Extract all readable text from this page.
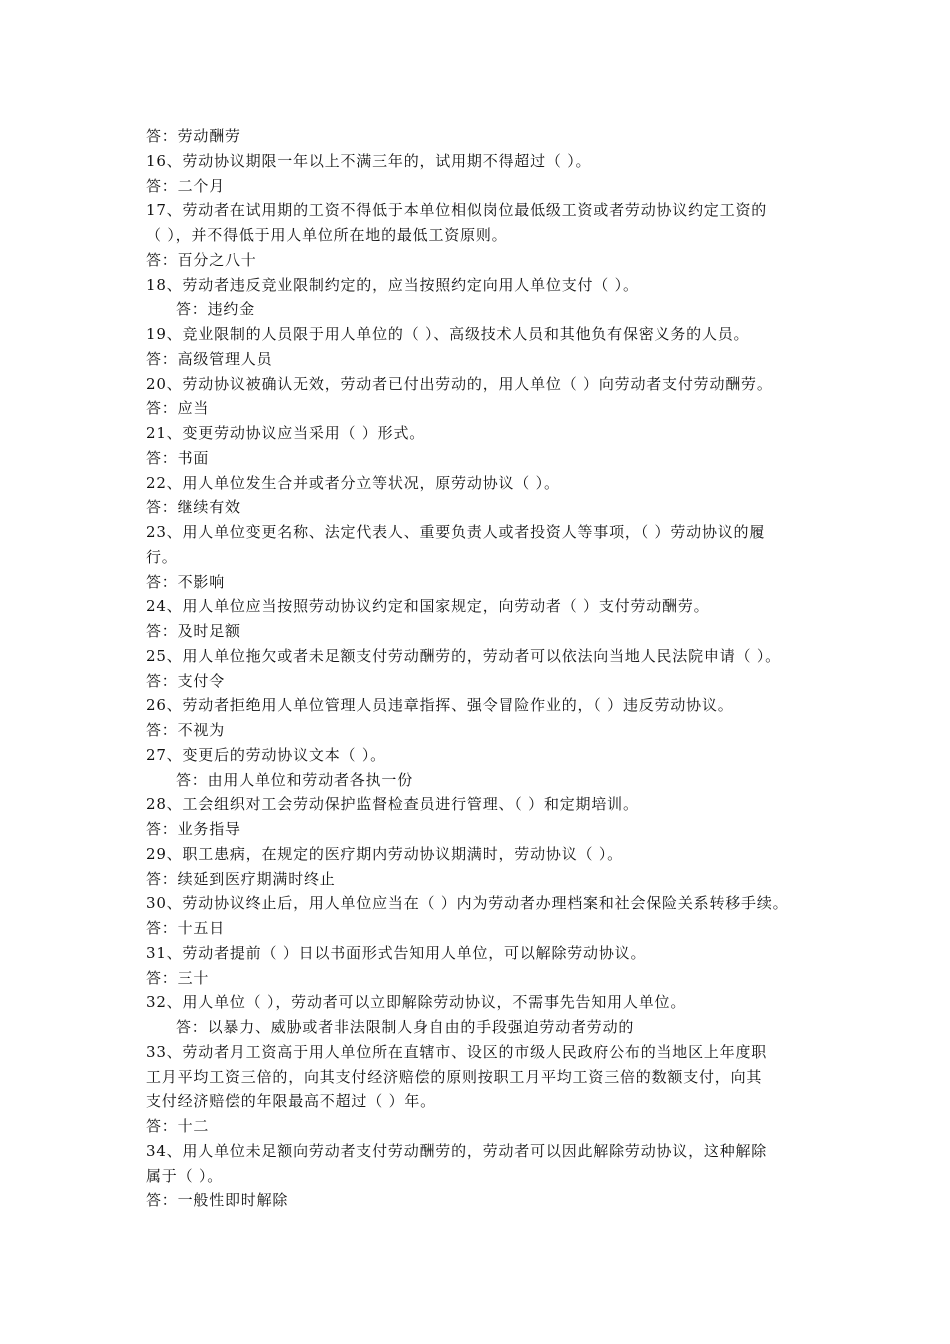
答：劳动酬劳
16、劳动协议期限一年以上不满三年的，试用期不得超过（ ）。
答：二个月
17、劳动者在试用期的工资不得低于本单位相似岗位最低级工资或者劳动协议约定工资的
（ ），并不得低于用人单位所在地的最低工资原则。
答：百分之八十
18、劳动者违反竞业限制约定的，应当按照约定向用人单位支付（ ）。
答：违约金
19、竞业限制的人员限于用人单位的（ ）、高级技术人员和其他负有保密义务的人员。
答：高级管理人员
20、劳动协议被确认无效，劳动者已付出劳动的，用人单位（ ）向劳动者支付劳动酬劳。
答：应当
21、变更劳动协议应当采用（ ）形式。
答：书面
22、用人单位发生合并或者分立等状况，原劳动协议（ ）。
答：继续有效
23、用人单位变更名称、法定代表人、重要负责人或者投资人等事项，（ ）劳动协议的履
行。
答：不影响
24、用人单位应当按照劳动协议约定和国家规定，向劳动者（ ）支付劳动酬劳。
答：及时足额
25、用人单位拖欠或者未足额支付劳动酬劳的，劳动者可以依法向当地人民法院申请（ ）。
答：支付令
26、劳动者拒绝用人单位管理人员违章指挥、强令冒险作业的，（ ）违反劳动协议。
答：不视为
27、变更后的劳动协议文本（ ）。
答：由用人单位和劳动者各执一份
28、工会组织对工会劳动保护监督检查员进行管理、（ ）和定期培训。
答：业务指导
29、职工患病，在规定的医疗期内劳动协议期满时，劳动协议（ ）。
答：续延到医疗期满时终止
30、劳动协议终止后，用人单位应当在（ ）内为劳动者办理档案和社会保险关系转移手续。
答：十五日
31、劳动者提前（ ）日以书面形式告知用人单位，可以解除劳动协议。
答：三十
32、用人单位（ ），劳动者可以立即解除劳动协议，不需事先告知用人单位。
答：以暴力、威胁或者非法限制人身自由的手段强迫劳动者劳动的
33、劳动者月工资高于用人单位所在直辖市、设区的市级人民政府公布的当地区上年度职
工月平均工资三倍的，向其支付经济赔偿的原则按职工月平均工资三倍的数额支付，向其
支付经济赔偿的年限最高不超过（ ）年。
答：十二
34、用人单位未足额向劳动者支付劳动酬劳的，劳动者可以因此解除劳动协议，这种解除
属于（ ）。
答：一般性即时解除
